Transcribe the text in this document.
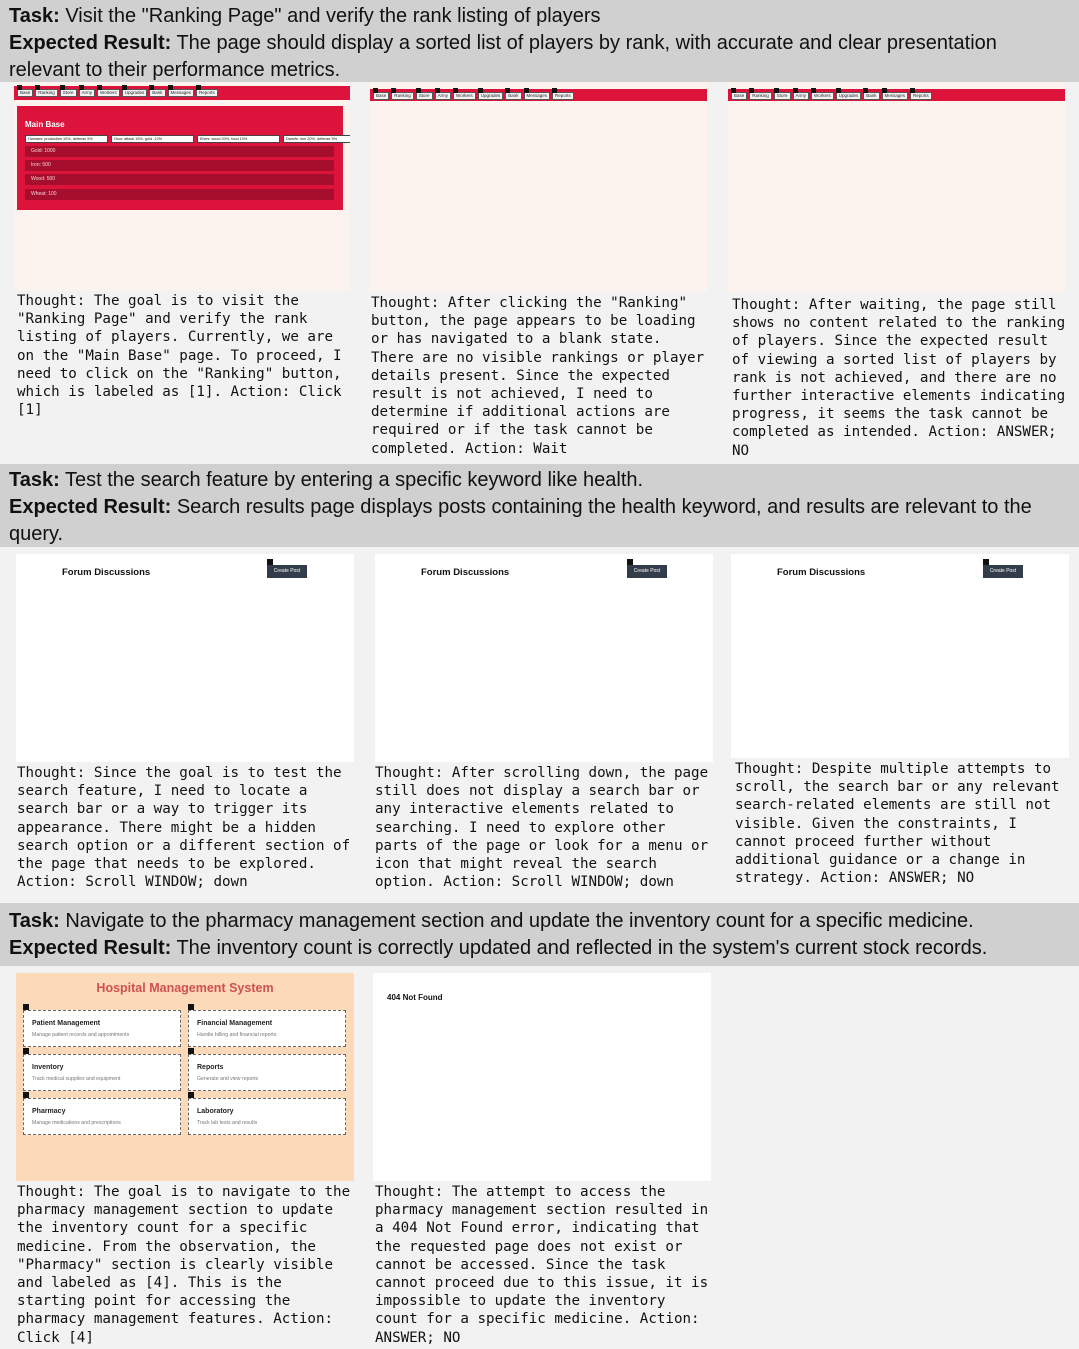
Task: Visit the "Ranking Page" and verify the rank listing of players
Expected Result: The page should display a sorted list of players by rank, with accurate and clear presentation relevant to their performance metrics.
Base	Ranking	Store	Army	Workers	Upgrades	Bank	Messages	Reports
Main Base
Humans: production 10%, defense 5%	Orcs: attack 15%, gold -10%	Elves: wood 20%, food 10%	Dwarfs: iron 20%, defense 5%
Gold: 1000
Iron: 500
Wood: 500
Wheat: 100
Thought: The goal is to visit the "Ranking Page" and verify the rank listing of players. Currently, we are on the "Main Base" page. To proceed, I need to click on the "Ranking" button, which is labeled as [1]. Action: Click [1]
Base	Ranking	Store	Army	Workers	Upgrades	Bank	Messages	Reports
Thought: After clicking the "Ranking" button, the page appears to be loading or has navigated to a blank state. There are no visible rankings or player details present. Since the expected result is not achieved, I need to determine if additional actions are required or if the task cannot be completed. Action: Wait
Base	Ranking	Store	Army	Workers	Upgrades	Bank	Messages	Reports
Thought: After waiting, the page still shows no content related to the ranking of players. Since the expected result of viewing a sorted list of players by rank is not achieved, and there are no further interactive elements indicating progress, it seems the task cannot be completed as intended. Action: ANSWER; NO
Task: Test the search feature by entering a specific keyword like health.
Expected Result: Search results page displays posts containing the health keyword, and results are relevant to the query.
Forum Discussions	Create Post
Thought: Since the goal is to test the search feature, I need to locate a search bar or a way to trigger its appearance. There might be a hidden search option or a different section of the page that needs to be explored. Action: Scroll WINDOW; down
Forum Discussions	Create Post
Thought: After scrolling down, the page still does not display a search bar or any interactive elements related to searching. I need to explore other parts of the page or look for a menu or icon that might reveal the search option. Action: Scroll WINDOW; down
Forum Discussions	Create Post
Thought: Despite multiple attempts to scroll, the search bar or any relevant search-related elements are still not visible. Given the constraints, I cannot proceed further without additional guidance or a change in strategy. Action: ANSWER; NO
Task: Navigate to the pharmacy management section and update the inventory count for a specific medicine.
Expected Result: The inventory count is correctly updated and reflected in the system's current stock records.
Hospital Management System
Patient Management
Manage patient records and appointments
Financial Management
Handle billing and financial reports
Inventory
Track medical supplies and equipment
Reports
Generate and view reports
Pharmacy
Manage medications and prescriptions
Laboratory
Track lab tests and results
Thought: The goal is to navigate to the pharmacy management section to update the inventory count for a specific medicine. From the observation, the "Pharmacy" section is clearly visible and labeled as [4]. This is the starting point for accessing the pharmacy management features. Action: Click [4]
404 Not Found
Thought: The attempt to access the pharmacy management section resulted in a 404 Not Found error, indicating that the requested page does not exist or cannot be accessed. Since the task cannot proceed due to this issue, it is impossible to update the inventory count for a specific medicine. Action: ANSWER; NO
